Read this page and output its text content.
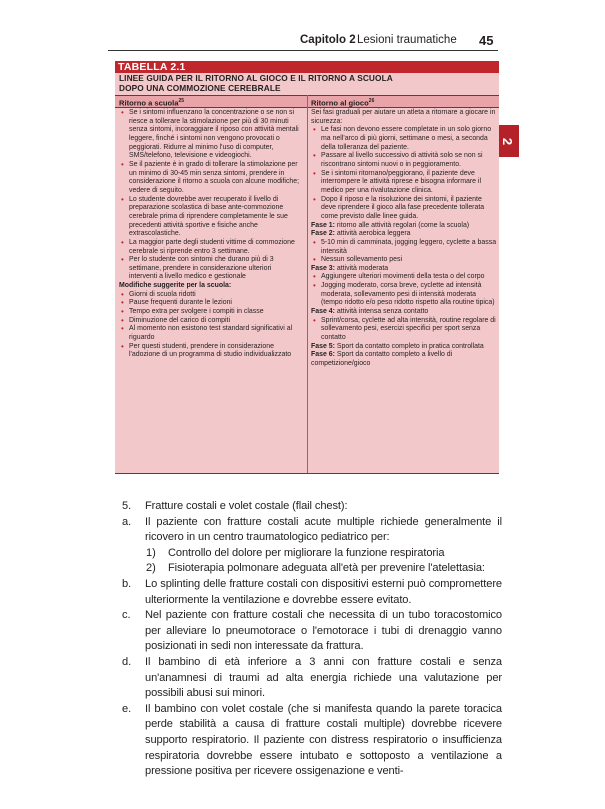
Capitolo 2 Lesioni traumatiche 45
2
TABELLA 2.1
LINEE GUIDA PER IL RITORNO AL GIOCO E IL RITORNO A SCUOLA
DOPO UNA COMMOZIONE CEREBRALE
Ritorno a scuola$^{25}$	Ritorno al gioco$^{26}$
• Se i sintomi influenzano la concentrazione o se non si riesce a tollerare la stimolazione per più di 30 minuti senza sintomi, incoraggiare il riposo con attività mentali leggere, finché i sintomi non vengono provocati o peggiorati. Ridurre al minimo l'uso di computer, SMS/telefono, televisione e videogiochi.
• Se il paziente è in grado di tollerare la stimolazione per un minimo di 30-45 min senza sintomi, prendere in considerazione il ritorno a scuola con alcune modifiche; vedere di seguito.
• Lo studente dovrebbe aver recuperato il livello di preparazione scolastica di base ante-commozione cerebrale prima di riprendere completamente le sue precedenti attività sportive e fisiche anche extrascolastiche.
• La maggior parte degli studenti vittime di commozione cerebrale si riprende entro 3 settimane.
• Per lo studente con sintomi che durano più di 3 settimane, prendere in considerazione ulteriori interventi a livello medico e gestionale

Modifiche suggerite per la scuola:

• Giorni di scuola ridotti
• Pause frequenti durante le lezioni
• Tempo extra per svolgere i compiti in classe
• Diminuzione del carico di compiti
• Al momento non esistono test standard significativi al riguardo
• Per questi studenti, prendere in considerazione l'adozione di un programma di studio individualizzato

Sei fasi graduali per aiutare un atleta a ritornare a giocare in sicurezza:

• Le fasi non devono essere completate in un solo giorno ma nell'arco di più giorni, settimane o mesi, a seconda della tolleranza del paziente.
• Passare al livello successivo di attività solo se non si riscontrano sintomi nuovi o in peggioramento.
• Se i sintomi ritornano/peggiorano, il paziente deve interrompere le attività riprese e bisogna informare il medico per una rivalutazione clinica.
• Dopo il riposo e la risoluzione dei sintomi, il paziente deve riprendere il gioco alla fase precedente tollerata come previsto dalle linee guida.

Fase 1: ritorno alle attività regolari (come la scuola)

Fase 2: attività aerobica leggera

• 5-10 min di camminata, jogging leggero, cyclette a bassa intensità
• Nessun sollevamento pesi

Fase 3: attività moderata

• Aggiungere ulteriori movimenti della testa o del corpo
• Jogging moderato, corsa breve, cyclette ad intensità moderata, sollevamento pesi di intensità moderata (tempo ridotto e/o peso ridotto rispetto alla routine tipica)

Fase 4: attività intensa senza contatto

• Sprint/corsa, cyclette ad alta intensità, routine regolare di sollevamento pesi, esercizi specifici per sport senza contatto

Fase 5: Sport da contatto completo in pratica controllata

Fase 6: Sport da contatto completo a livello di competizione/gioco

5. Fratture costali e volet costale (flail chest):

a. Il paziente con fratture costali acute multiple richiede generalmente il ricovero in un centro traumatologico pediatrico per:

1) Controllo del dolore per migliorare la funzione respiratoria

2) Fisioterapia polmonare adeguata all'età per prevenire l'atelettasia:

b. Lo splinting delle fratture costali con dispositivi esterni può compromettere ulteriormente la ventilazione e dovrebbe essere evitato.

c. Nel paziente con fratture costali che necessita di un tubo toracostomico per alleviare lo pneumotorace o l'emotorace i tubi di drenaggio vanno posizionati in sedi non interessate da frattura.

d. Il bambino di età inferiore a 3 anni con fratture costali e senza un'anamnesi di traumi ad alta energia richiede una valutazione per possibili abusi sui minori.

e. Il bambino con volet costale (che si manifesta quando la parete toracica perde stabilità a causa di fratture costali multiple) dovrebbe ricevere supporto respiratorio. Il paziente con distress respiratorio o insufficienza respiratoria dovrebbe essere intubato e sottoposto a ventilazione a pressione positiva per ricevere ossigenazione e venti-
